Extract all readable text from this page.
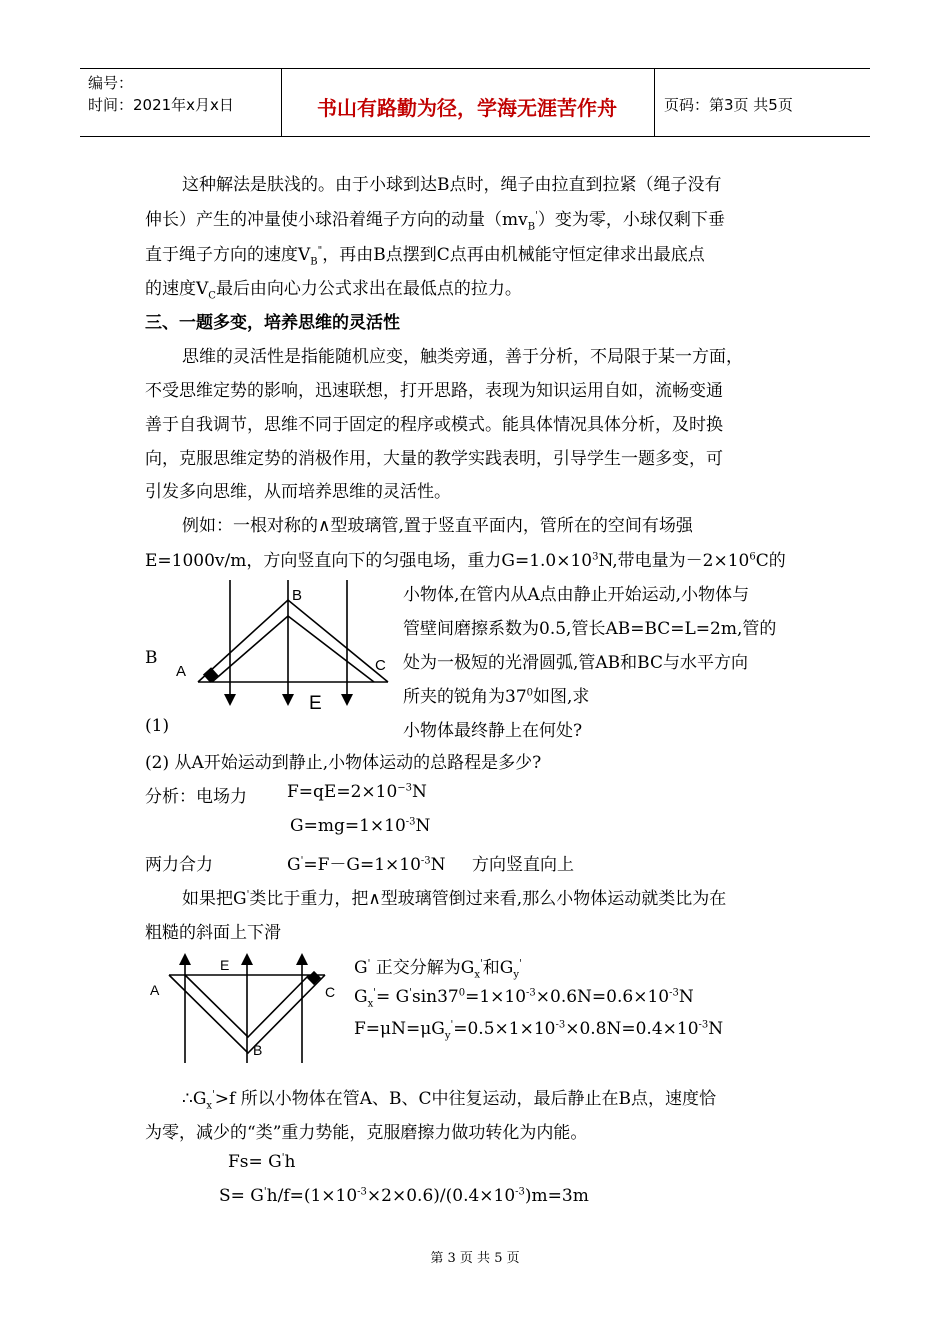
编号：
时间：2021年x月x日	书山有路勤为径，学海无涯苦作舟	页码：第3页 共5页
这种解法是肤浅的。由于小球到达B点时，绳子由拉直到拉紧（绳子没有
伸长）产生的冲量使小球沿着绳子方向的动量$(mv_B')$变为零，小球仅剩下垂
直于绳子方向的速度$V_B^"$，再由B点摆到C点再由机械能守恒定律求出最底点
的速度$V_C$最后由向心力公式求出在最低点的拉力。
三、一题多变，培养思维的灵活性
思维的灵活性是指能随机应变，触类旁通，善于分析，不局限于某一方面，
不受思维定势的影响，迅速联想，打开思路，表现为知识运用自如，流畅变通
善于自我调节，思维不同于固定的程序或模式。能具体情况具体分析，及时换
向，克服思维定势的消极作用，大量的教学实践表明，引导学生一题多变，可
引发多向思维，从而培养思维的灵活性。
例如：一根对称的∧型玻璃管,置于竖直平面内，管所在的空间有场强
E=1000v/m，方向竖直向下的匀强电场，重力$G=1.0\times 10^3N$,带电量为$-2\times 10^6C$的
小物体,在管内从A点由静止开始运动,小物体与
管壁间磨擦系数为0.5,管长AB=BC=L=2m,管的
处为一极短的光滑圆弧,管AB和BC与水平方向
所夹的锐角为$37^0$如图,求
小物体最终静上在何处?
B
(1)
B
A	C
E
(2) 从A开始运动到静止,小物体运动的总路程是多少?
分析：电场力 $F=qE=2\times 10^{-3}N$
$G=mg=1\times 10^{-3}N$
两力合力	$G'=F-G=1\times 10^{-3}N$ 方向竖直向上
如果把G'类比于重力，把∧型玻璃管倒过来看,那么小物体运动就类比为在
粗糙的斜面上下滑
A
E
C
B
G' 正交分解为$G_x'$和$G_y'$
$G_x'= G'\sin 37^0=1\times 10^{-3}\times 0.6N=0.6\times 10^{-3}N$
$F=\mu N=\mu G_y'=0.5\times 1\times 10^{-3}\times 0.8N=0.4\times 10^{-3}N$
$\therefore G_x'>f$ 所以小物体在管A、B、C中往复运动，最后静止在B点，速度恰
为零，减少的“类”重力势能，克服磨擦力做功转化为内能。
Fs= G'h
$S= G'h/f=(1\times 10^{-3}\times 2\times 0.6)/(0.4\times 10^{-3})m=3m$
第 3 页 共 5 页
